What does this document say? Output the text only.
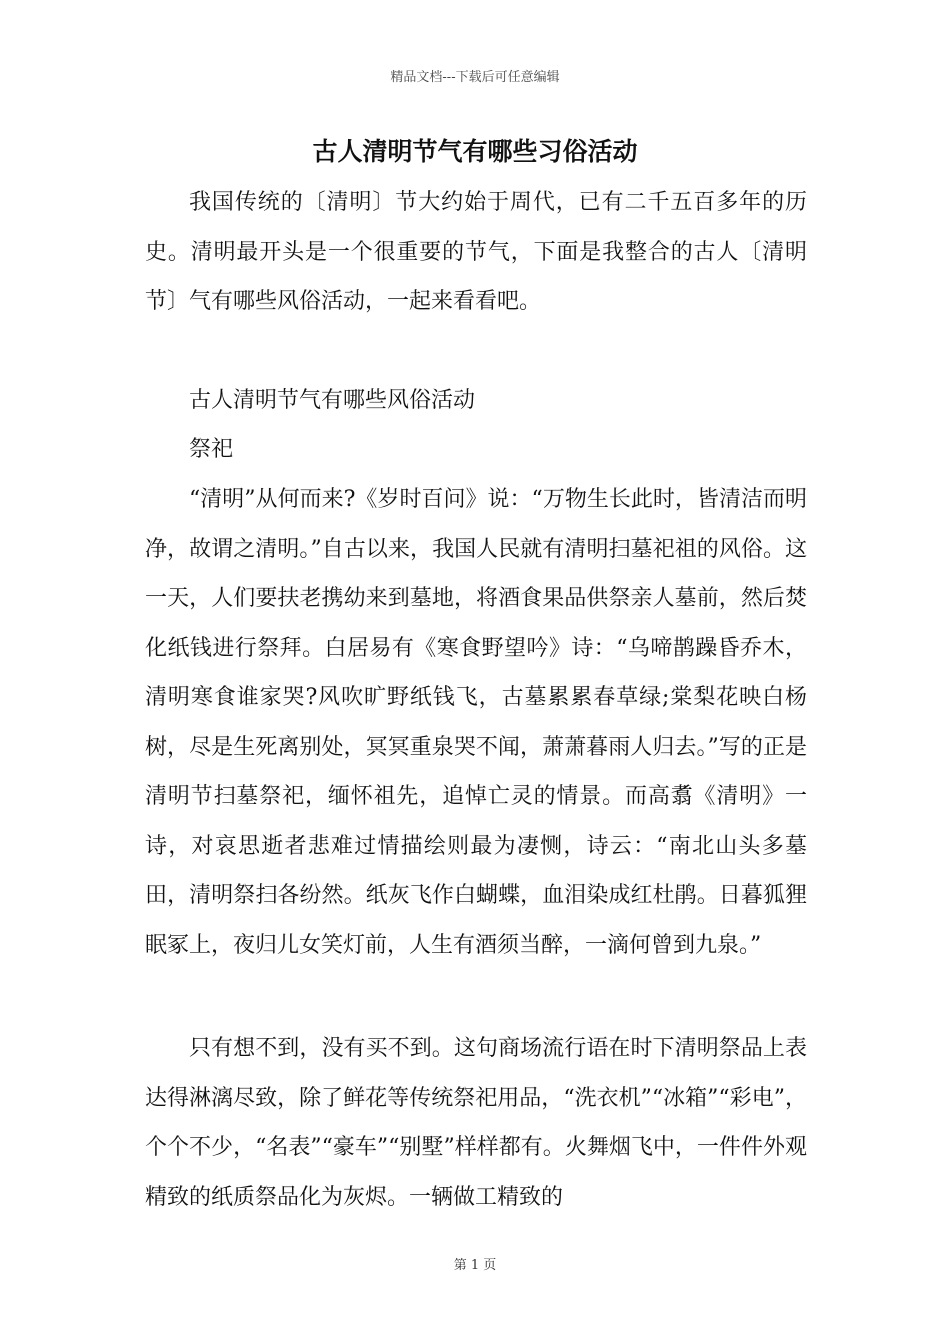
精品文档---下载后可任意编辑
古人清明节气有哪些习俗活动

我国传统的〔清明〕节大约始于周代，已有二千五百多年的历史。清明最开头是一个很重要的节气，下面是我整合的古人〔清明节〕气有哪些风俗活动，一起来看看吧。

古人清明节气有哪些风俗活动

祭祀

“清明”从何而来?《岁时百问》说：“万物生长此时，皆清洁而明净，故谓之清明。”自古以来，我国人民就有清明扫墓祀祖的风俗。这一天，人们要扶老携幼来到墓地，将酒食果品供祭亲人墓前，然后焚化纸钱进行祭拜。白居易有《寒食野望吟》诗：“乌啼鹊躁昏乔木，清明寒食谁家哭?风吹旷野纸钱飞，古墓累累春草绿;棠梨花映白杨树，尽是生死离别处，冥冥重泉哭不闻，萧萧暮雨人归去。”写的正是清明节扫墓祭祀，缅怀祖先，追悼亡灵的情景。而高翥《清明》一诗，对哀思逝者悲难过情描绘则最为凄恻，诗云：“南北山头多墓田，清明祭扫各纷然。纸灰飞作白蝴蝶，血泪染成红杜鹃。日暮狐狸眠冢上，夜归儿女笑灯前，人生有酒须当醉，一滴何曾到九泉。”

只有想不到，没有买不到。这句商场流行语在时下清明祭品上表达得淋漓尽致，除了鲜花等传统祭祀用品，“洗衣机”“冰箱”“彩电”，个个不少，“名表”“豪车”“别墅”样样都有。火舞烟飞中，一件件外观精致的纸质祭品化为灰烬。一辆做工精致的

第 1 页
